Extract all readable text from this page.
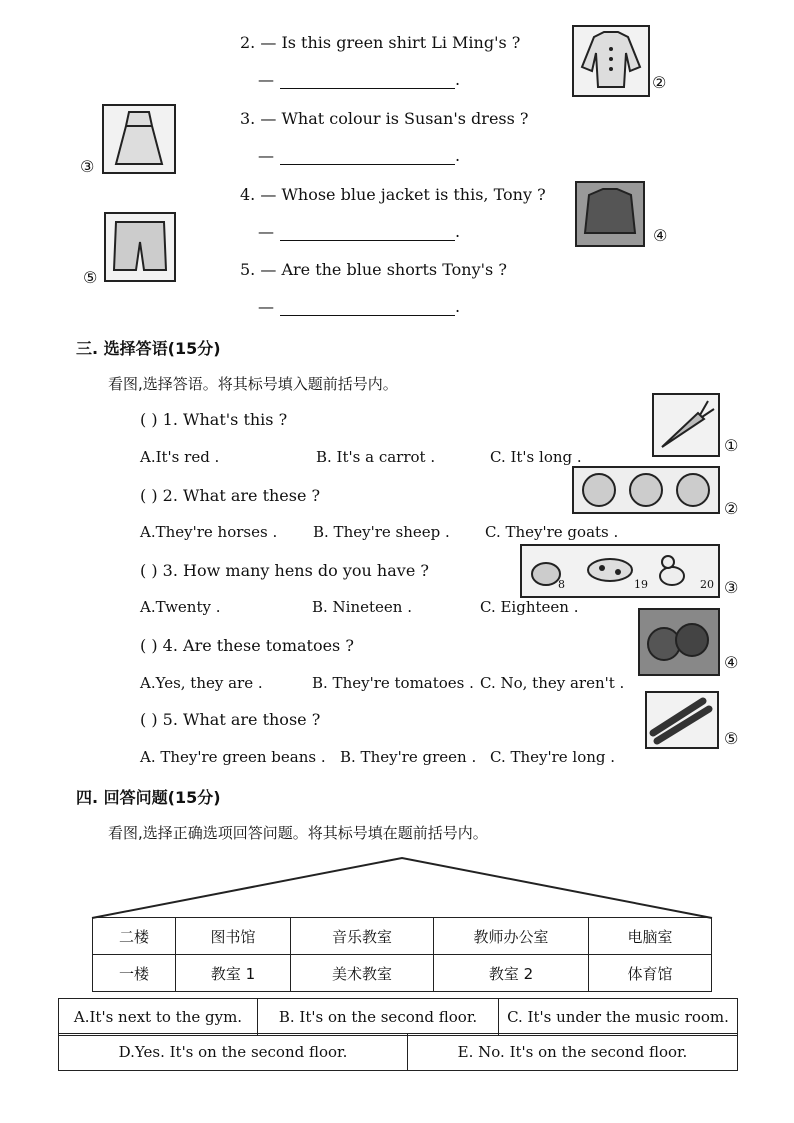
2. — Is this green shirt Li Ming's ?
—	.	②
3. — What colour is Susan's dress ?
—	.
③
4. — Whose blue jacket is this, Tony ?
—	.	④
5. — Are the blue shorts Tony's ?
—	.
⑤
三. 选择答语(15分)
看图,选择答语。将其标号填入题前括号内。
( ) 1. What's this ?
A.It's red .	B. It's a carrot .	C. It's long .
①
( ) 2. What are these ?
A.They're horses . B. They're sheep . C. They're goats .
②
( ) 3. How many hens do you have ?
A.Twenty .	B. Nineteen .	C. Eighteen .
8	19	20 ③
( ) 4. Are these tomatoes ?
A.Yes, they are .	B. They're tomatoes . C. No, they aren't .
④
( ) 5. What are those ?
A. They're green beans . B. They're green . C. They're long .
⑤
四. 回答问题(15分)
看图,选择正确选项回答问题。将其标号填在题前括号内。
二楼	图书馆	音乐教室	教师办公室	电脑室
一楼	教室 1	美术教室	教室 2	体育馆
A.It's next to the gym.	B. It's on the second floor.	C. It's under the music room.
D.Yes. It's on the second floor.	E. No. It's on the second floor.
